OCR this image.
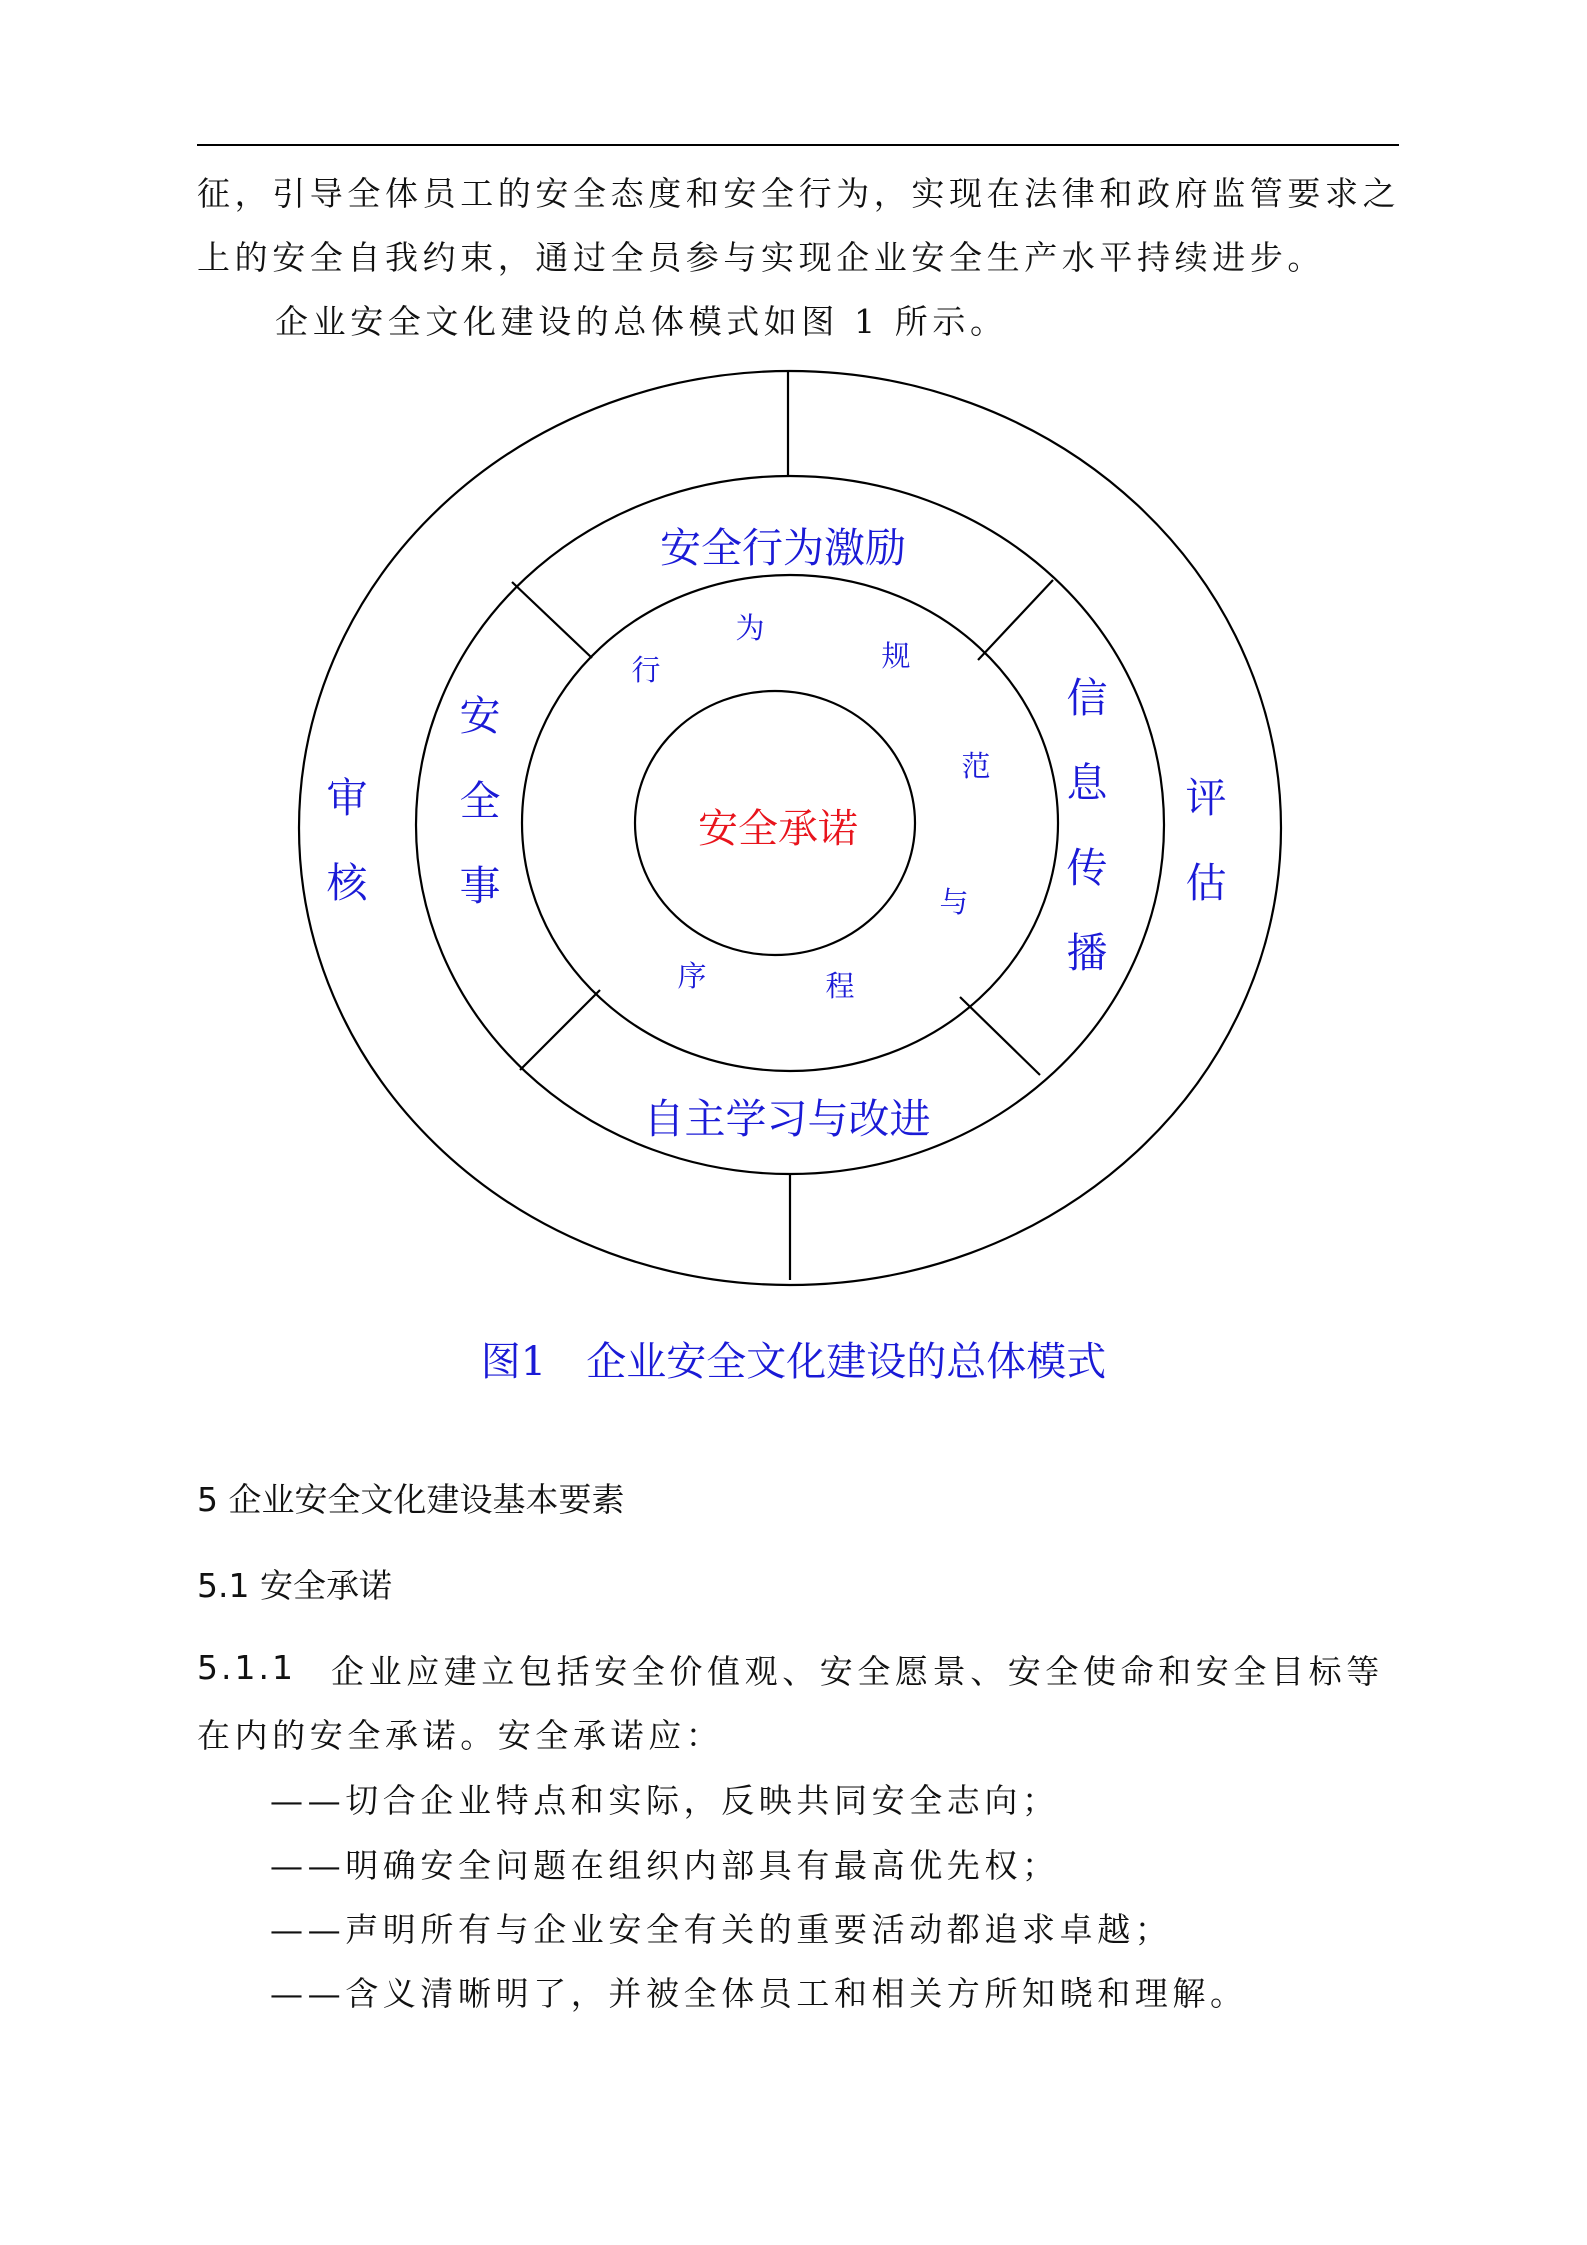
征，引导全体员工的安全态度和安全行为，实现在法律和政府监管要求之
上的安全自我约束，通过全员参与实现企业安全生产水平持续进步。
企业安全文化建设的总体模式如图 1 所示。
安全承诺
为
规
范
与
程
序
行
安全行为激励
自主学习与改进
安
全
事
信
息
传
播
审
核
评
估
图1　企业安全文化建设的总体模式
5 企业安全文化建设基本要素
5.1 安全承诺
5.1.1 企业应建立包括安全价值观、安全愿景、安全使命和安全目标等
在内的安全承诺。安全承诺应：
——切合企业特点和实际，反映共同安全志向；
——明确安全问题在组织内部具有最高优先权；
——声明所有与企业安全有关的重要活动都追求卓越；
——含义清晰明了，并被全体员工和相关方所知晓和理解。
